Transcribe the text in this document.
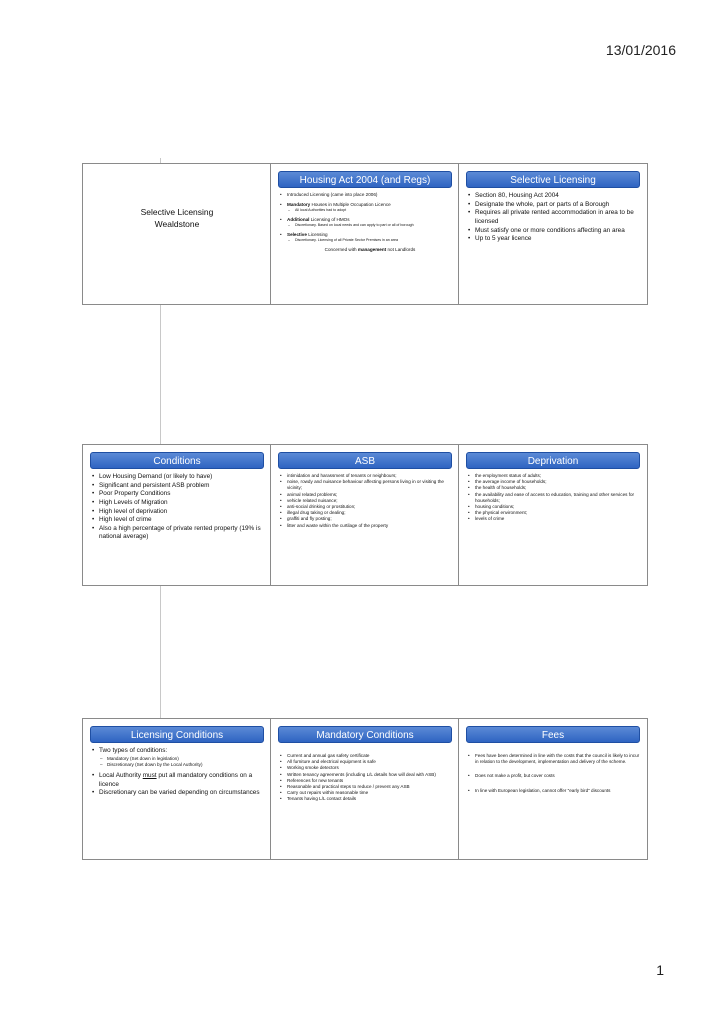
13/01/2016
Selective Licensing
Wealdstone
Housing Act 2004 (and Regs)
• Introduced Licensing (came into place 2006)
• Mandatory Houses in Multiple Occupation Licence
– All local Authorities had to adopt
• Additional Licensing of HMOs
– Discretionary. Based on local needs and can apply to part or all of borough
• Selective Licensing
– Discretionary. Licensing of all Private Sector Premises in an area
Concerned with management not Landlords
Selective Licensing
• Section 80, Housing Act 2004
• Designate the whole, part or parts of a Borough
• Requires all private rented accommodation in area to be licensed
• Must satisfy one or more conditions affecting an area
• Up to 5 year licence
Conditions
• Low Housing Demand (or likely to have)
• Significant and persistent ASB problem
• Poor Property Conditions
• High Levels of Migration
• High level of deprivation
• High level of crime
• Also a high percentage of private rented property (19% is national average)
ASB
• intimidation and harassment of tenants or neighbours;
• noise, rowdy and nuisance behaviour affecting persons living in or visiting the vicinity;
• animal related problems;
• vehicle related nuisance;
• anti-social drinking or prostitution;
• illegal drug taking or dealing;
• graffiti and fly posting;
• litter and waste within the curtilage of the property
Deprivation
• the employment status of adults;
• the average income of households;
• the health of households;
• the availability and ease of access to education, training and other services for households;
• housing conditions;
• the physical environment;
• levels of crime
Licensing Conditions
• Two types of conditions:
– Mandatory (Set down in legislation)
– Discretionary (Set down by the Local Authority)
• Local Authority must put all mandatory conditions on a licence
• Discretionary can be varied depending on circumstances
Mandatory Conditions
• Current and annual gas safety certificate
• All furniture and electrical equipment is safe
• Working smoke detectors
• Written tenancy agreements (including L/L details how will deal with ASB)
• References for new tenants
• Reasonable and practical steps to reduce / prevent any ASB
• Carry out repairs within reasonable time
• Tenants having L/L contact details
Fees
• Fees have been determined in line with the costs that the council is likely to incur in relation to the development, implementation and delivery of the scheme.
• Does not make a profit, but cover costs
• In line with European legislation, cannot offer "early bird" discounts
1
